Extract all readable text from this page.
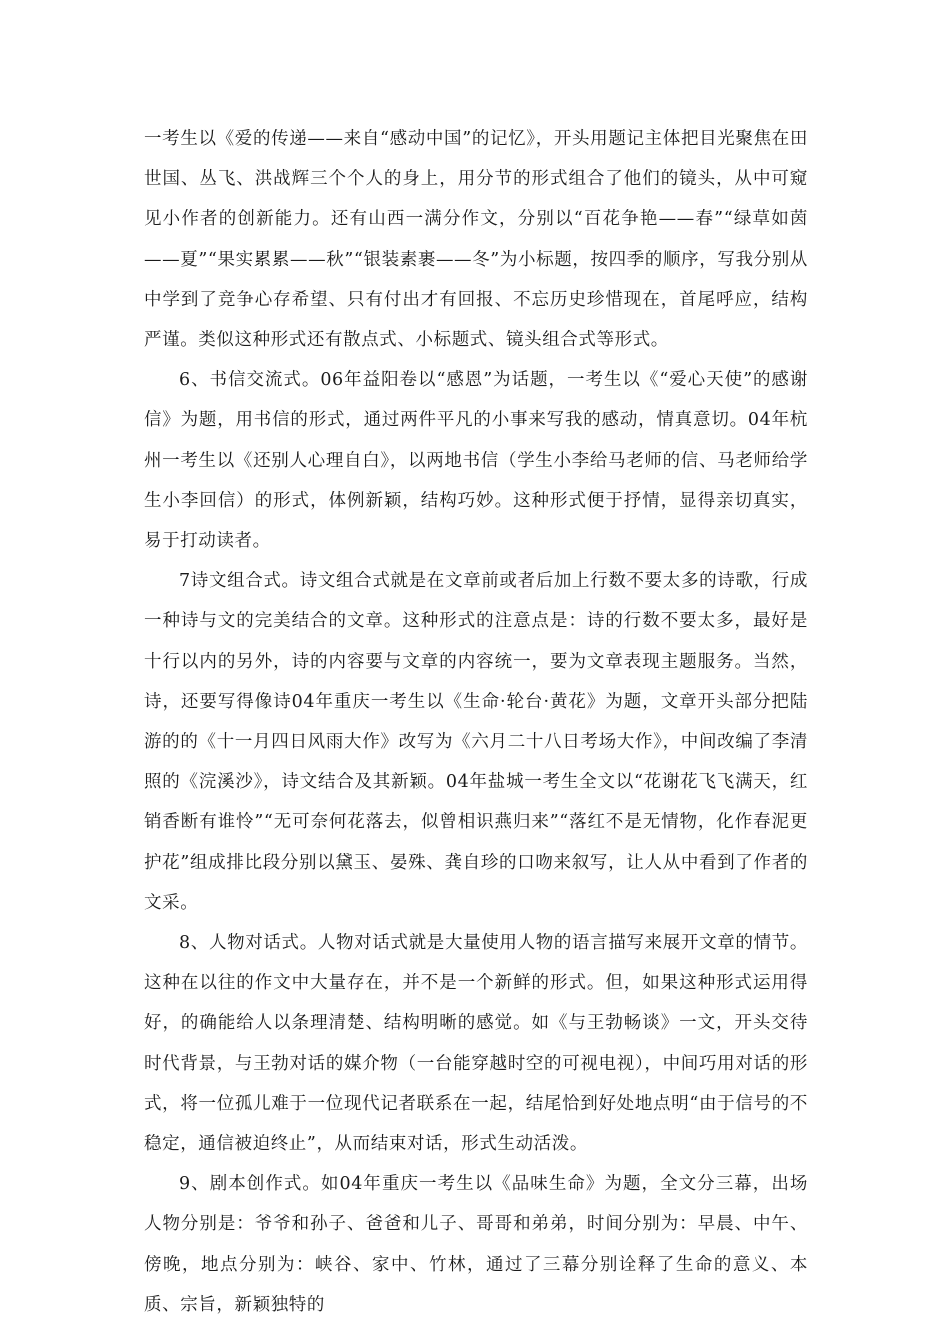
一考生以《爱的传递——来自“感动中国”的记忆》，开头用题记主体把目光聚焦在田世国、丛飞、洪战辉三个个人的身上，用分节的形式组合了他们的镜头，从中可窥见小作者的创新能力。还有山西一满分作文，分别以“百花争艳——春”“绿草如茵——夏”“果实累累——秋”“银装素裹——冬”为小标题，按四季的顺序，写我分别从中学到了竞争心存希望、只有付出才有回报、不忘历史珍惜现在，首尾呼应，结构严谨。类似这种形式还有散点式、小标题式、镜头组合式等形式。

6、书信交流式。06年益阳卷以“感恩”为话题，一考生以《“爱心天使”的感谢信》为题，用书信的形式，通过两件平凡的小事来写我的感动，情真意切。04年杭州一考生以《还别人心理自白》，以两地书信（学生小李给马老师的信、马老师给学生小李回信）的形式，体例新颖，结构巧妙。这种形式便于抒情，显得亲切真实，易于打动读者。

7诗文组合式。诗文组合式就是在文章前或者后加上行数不要太多的诗歌，行成一种诗与文的完美结合的文章。这种形式的注意点是：诗的行数不要太多，最好是十行以内的另外，诗的内容要与文章的内容统一，要为文章表现主题服务。当然，诗，还要写得像诗04年重庆一考生以《生命·轮台·黄花》为题，文章开头部分把陆游的的《十一月四日风雨大作》改写为《六月二十八日考场大作》，中间改编了李清照的《浣溪沙》，诗文结合及其新颖。04年盐城一考生全文以“花谢花飞飞满天，红销香断有谁怜”“无可奈何花落去，似曾相识燕归来”“落红不是无情物，化作春泥更护花”组成排比段分别以黛玉、晏殊、龚自珍的口吻来叙写，让人从中看到了作者的文采。

8、人物对话式。人物对话式就是大量使用人物的语言描写来展开文章的情节。这种在以往的作文中大量存在，并不是一个新鲜的形式。但，如果这种形式运用得好，的确能给人以条理清楚、结构明晰的感觉。如《与王勃畅谈》一文，开头交待时代背景，与王勃对话的媒介物（一台能穿越时空的可视电视），中间巧用对话的形式，将一位孤儿难于一位现代记者联系在一起，结尾恰到好处地点明“由于信号的不稳定，通信被迫终止”，从而结束对话，形式生动活泼。

9、剧本创作式。如04年重庆一考生以《品味生命》为题，全文分三幕，出场人物分别是：爷爷和孙子、爸爸和儿子、哥哥和弟弟，时间分别为：早晨、中午、傍晚，地点分别为：峡谷、家中、竹林，通过了三幕分别诠释了生命的意义、本质、宗旨，新颖独特的
